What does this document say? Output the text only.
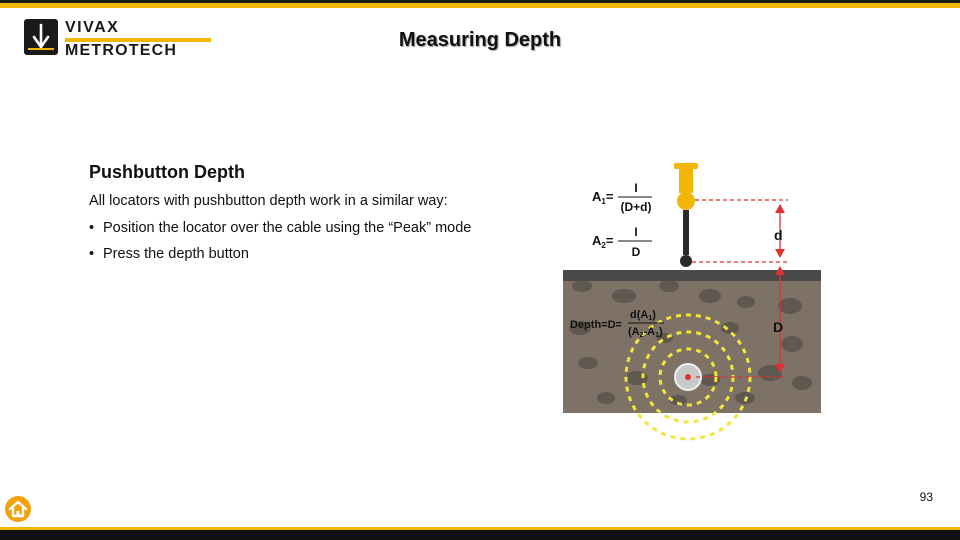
VIVAX
METROTECH	Measuring Depth
Pushbutton Depth
All locators with pushbutton depth work in a similar way:
• Position the locator over the cable using the “Peak” mode
• Press the depth button
d
D
$A_1=$
I
(D+d)
$A_2=$
I
D
Depth=D=
d(A1)
(A2-A1)
93
